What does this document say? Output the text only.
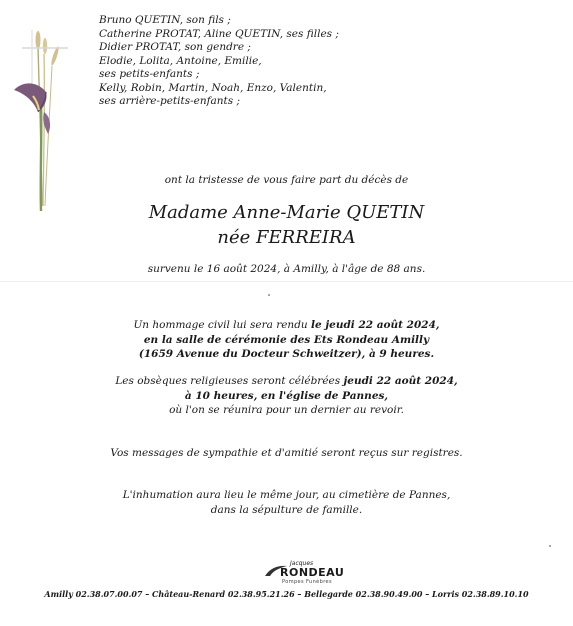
Bruno QUETIN, son fils ;
Catherine PROTAT, Aline QUETIN, ses filles ;
Didier PROTAT, son gendre ;
Elodie, Lolita, Antoine, Emilie,
ses petits-enfants ;
Kelly, Robin, Martin, Noah, Enzo, Valentin,
ses arrière-petits-enfants ;

ont la tristesse de vous faire part du décès de

Madame Anne-Marie QUETIN

née FERREIRA

survenu le 16 août 2024, à Amilly, à l'âge de 88 ans.

Un hommage civil lui sera rendu le jeudi 22 août 2024,
en la salle de cérémonie des Ets Rondeau Amilly
(1659 Avenue du Docteur Schweitzer), à 9 heures.
Les obsèques religieuses seront célébrées jeudi 22 août 2024,
à 10 heures, en l'église de Pannes,
où l'on se réunira pour un dernier au revoir.
Vos messages de sympathie et d'amitié seront reçus sur registres.
L'inhumation aura lieu le même jour, au cimetière de Pannes,
dans la sépulture de famille.
Jacques
RONDEAU
Pompes Funèbres
Amilly 02.38.07.00.07 – Château-Renard 02.38.95.21.26 – Bellegarde 02.38.90.49.00 – Lorris 02.38.89.10.10
